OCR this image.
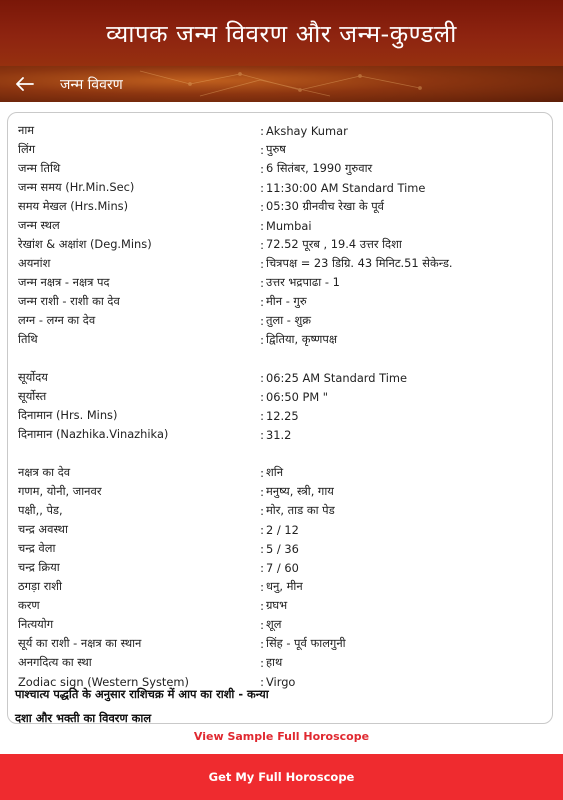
व्यापक जन्म विवरण और जन्म-कुण्डली
जन्म विवरण
नाम	: Akshay Kumar
लिंग	: पुरुष
जन्म तिथि	: 6 सितंबर, 1990 गुरुवार
जन्म समय (Hr.Min.Sec)	: 11:30:00 AM Standard Time
समय मेखल (Hrs.Mins)	: 05:30 ग्रीनवीच रेखा के पूर्व
जन्म स्थल	: Mumbai
रेखांश & अक्षांश (Deg.Mins)	: 72.52 पूरब , 19.4 उत्तर दिशा
अयनांश	: चित्रपक्ष = 23 डिग्रि. 43 मिनिट.51 सेकेन्ड.
जन्म नक्षत्र - नक्षत्र पद	: उत्तर भद्रपाढा - 1
जन्म राशी - राशी का देव	: मीन - गुरु
लग्न - लग्न का देव	: तुला - शुक्र
तिथि	: द्वितिया, कृष्णपक्ष
सूर्योदय	: 06:25 AM Standard Time
सूर्योस्त	: 06:50 PM "
दिनामान (Hrs. Mins)	: 12.25
दिनामान (Nazhika.Vinazhika)	: 31.2
नक्षत्र का देव	: शनि
गणम, योनी, जानवर	: मनुष्य, स्त्री, गाय
पक्षी,, पेड,	: मोर, ताड का पेड
चन्द्र अवस्था	: 2 / 12
चन्द्र वेला	: 5 / 36
चन्द्र क्रिया	: 7 / 60
ठगड़ा राशी	: धनु, मीन
करण	: ग्रघभ
नित्ययोग	: शूल
सूर्य का राशी - नक्षत्र का स्थान	: सिंह - पूर्व फालगुनी
अनगदित्य का स्था	: हाथ
Zodiac sign (Western System)	: Virgo
पाश्चात्य पद्धति के अनुसार राशिचक्र में आप का राशी - कन्या
दशा और भक्ती का विवरण काल
View Sample Full Horoscope
Get My Full Horoscope
